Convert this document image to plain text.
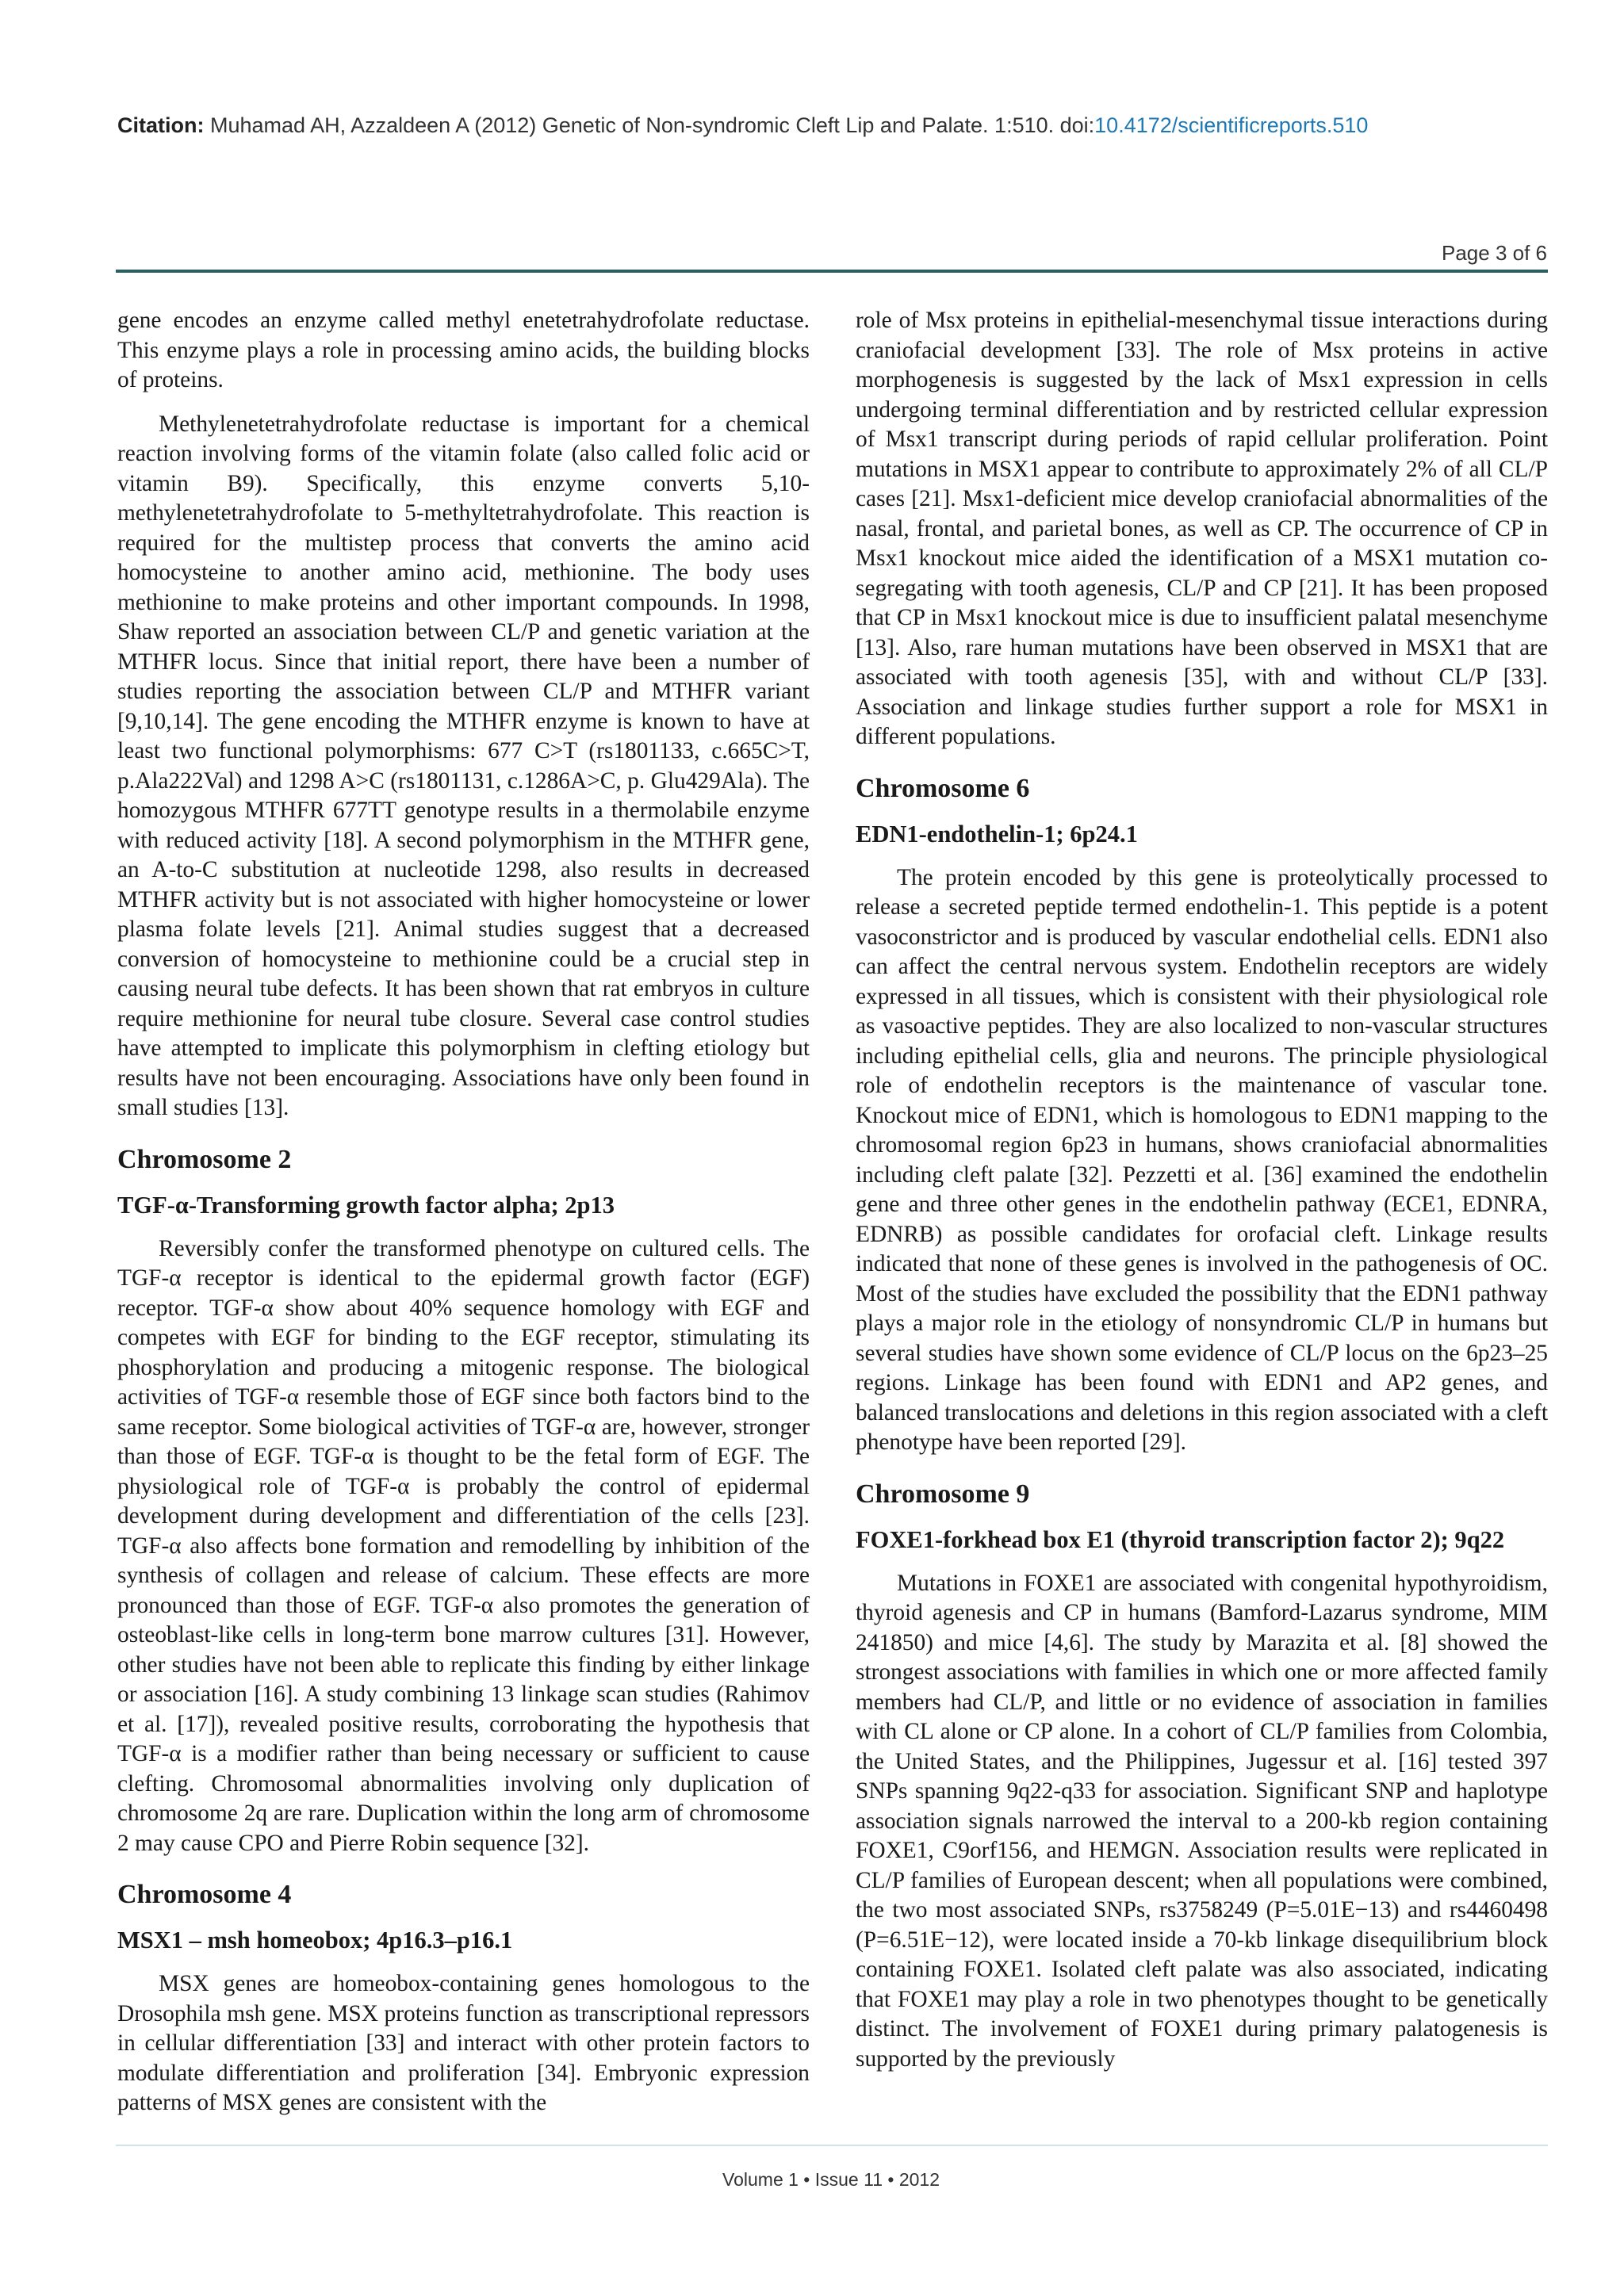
Citation: Muhamad AH, Azzaldeen A (2012) Genetic of Non-syndromic Cleft Lip and Palate. 1:510. doi:10.4172/scientificreports.510
Page 3 of 6

gene encodes an enzyme called methyl enetetrahydrofolate reductase. This enzyme plays a role in processing amino acids, the building blocks of proteins.

Methylenetetrahydrofolate reductase is important for a chemical reaction involving forms of the vitamin folate (also called folic acid or vitamin B9). Specifically, this enzyme converts 5,10-methylenetetrahydrofolate to 5-methyltetrahydrofolate. This reaction is required for the multistep process that converts the amino acid homocysteine to another amino acid, methionine. The body uses methionine to make proteins and other important compounds. In 1998, Shaw reported an association between CL/P and genetic variation at the MTHFR locus. Since that initial report, there have been a number of studies reporting the association between CL/P and MTHFR variant [9,10,14]. The gene encoding the MTHFR enzyme is known to have at least two functional polymorphisms: 677 C>T (rs1801133, c.665C>T, p.Ala222Val) and 1298 A>C (rs1801131, c.1286A>C, p. Glu429Ala). The homozygous MTHFR 677TT genotype results in a thermolabile enzyme with reduced activity [18]. A second polymorphism in the MTHFR gene, an A-to-C substitution at nucleotide 1298, also results in decreased MTHFR activity but is not associated with higher homocysteine or lower plasma folate levels [21]. Animal studies suggest that a decreased conversion of homocysteine to methionine could be a crucial step in causing neural tube defects. It has been shown that rat embryos in culture require methionine for neural tube closure. Several case control studies have attempted to implicate this polymorphism in clefting etiology but results have not been encouraging. Associations have only been found in small studies [13].

Chromosome 2
TGF-α-Transforming growth factor alpha; 2p13

Reversibly confer the transformed phenotype on cultured cells. The TGF-α receptor is identical to the epidermal growth factor (EGF) receptor. TGF-α show about 40% sequence homology with EGF and competes with EGF for binding to the EGF receptor, stimulating its phosphorylation and producing a mitogenic response. The biological activities of TGF-α resemble those of EGF since both factors bind to the same receptor. Some biological activities of TGF-α are, however, stronger than those of EGF. TGF-α is thought to be the fetal form of EGF. The physiological role of TGF-α is probably the control of epidermal development during development and differentiation of the cells [23]. TGF-α also affects bone formation and remodelling by inhibition of the synthesis of collagen and release of calcium. These effects are more pronounced than those of EGF. TGF-α also promotes the generation of osteoblast-like cells in long-term bone marrow cultures [31]. However, other studies have not been able to replicate this finding by either linkage or association [16]. A study combining 13 linkage scan studies (Rahimov et al. [17]), revealed positive results, corroborating the hypothesis that TGF-α is a modifier rather than being necessary or sufficient to cause clefting. Chromosomal abnormalities involving only duplication of chromosome 2q are rare. Duplication within the long arm of chromosome 2 may cause CPO and Pierre Robin sequence [32].

Chromosome 4
MSX1 – msh homeobox; 4p16.3–p16.1

MSX genes are homeobox-containing genes homologous to the Drosophila msh gene. MSX proteins function as transcriptional repressors in cellular differentiation [33] and interact with other protein factors to modulate differentiation and proliferation [34]. Embryonic expression patterns of MSX genes are consistent with the

role of Msx proteins in epithelial-mesenchymal tissue interactions during craniofacial development [33]. The role of Msx proteins in active morphogenesis is suggested by the lack of Msx1 expression in cells undergoing terminal differentiation and by restricted cellular expression of Msx1 transcript during periods of rapid cellular proliferation. Point mutations in MSX1 appear to contribute to approximately 2% of all CL/P cases [21]. Msx1-deficient mice develop craniofacial abnormalities of the nasal, frontal, and parietal bones, as well as CP. The occurrence of CP in Msx1 knockout mice aided the identification of a MSX1 mutation co-segregating with tooth agenesis, CL/P and CP [21]. It has been proposed that CP in Msx1 knockout mice is due to insufficient palatal mesenchyme [13]. Also, rare human mutations have been observed in MSX1 that are associated with tooth agenesis [35], with and without CL/P [33]. Association and linkage studies further support a role for MSX1 in different populations.

Chromosome 6
EDN1-endothelin-1; 6p24.1

The protein encoded by this gene is proteolytically processed to release a secreted peptide termed endothelin-1. This peptide is a potent vasoconstrictor and is produced by vascular endothelial cells. EDN1 also can affect the central nervous system. Endothelin receptors are widely expressed in all tissues, which is consistent with their physiological role as vasoactive peptides. They are also localized to non-vascular structures including epithelial cells, glia and neurons. The principle physiological role of endothelin receptors is the maintenance of vascular tone. Knockout mice of EDN1, which is homologous to EDN1 mapping to the chromosomal region 6p23 in humans, shows craniofacial abnormalities including cleft palate [32]. Pezzetti et al. [36] examined the endothelin gene and three other genes in the endothelin pathway (ECE1, EDNRA, EDNRB) as possible candidates for orofacial cleft. Linkage results indicated that none of these genes is involved in the pathogenesis of OC. Most of the studies have excluded the possibility that the EDN1 pathway plays a major role in the etiology of nonsyndromic CL/P in humans but several studies have shown some evidence of CL/P locus on the 6p23–25 regions. Linkage has been found with EDN1 and AP2 genes, and balanced translocations and deletions in this region associated with a cleft phenotype have been reported [29].

Chromosome 9
FOXE1-forkhead box E1 (thyroid transcription factor 2); 9q22

Mutations in FOXE1 are associated with congenital hypothyroidism, thyroid agenesis and CP in humans (Bamford-Lazarus syndrome, MIM 241850) and mice [4,6]. The study by Marazita et al. [8] showed the strongest associations with families in which one or more affected family members had CL/P, and little or no evidence of association in families with CL alone or CP alone. In a cohort of CL/P families from Colombia, the United States, and the Philippines, Jugessur et al. [16] tested 397 SNPs spanning 9q22-q33 for association. Significant SNP and haplotype association signals narrowed the interval to a 200-kb region containing FOXE1, C9orf156, and HEMGN. Association results were replicated in CL/P families of European descent; when all populations were combined, the two most associated SNPs, rs3758249 (P=5.01E−13) and rs4460498 (P=6.51E−12), were located inside a 70-kb linkage disequilibrium block containing FOXE1. Isolated cleft palate was also associated, indicating that FOXE1 may play a role in two phenotypes thought to be genetically distinct. The involvement of FOXE1 during primary palatogenesis is supported by the previously

Volume 1 • Issue 11 • 2012
